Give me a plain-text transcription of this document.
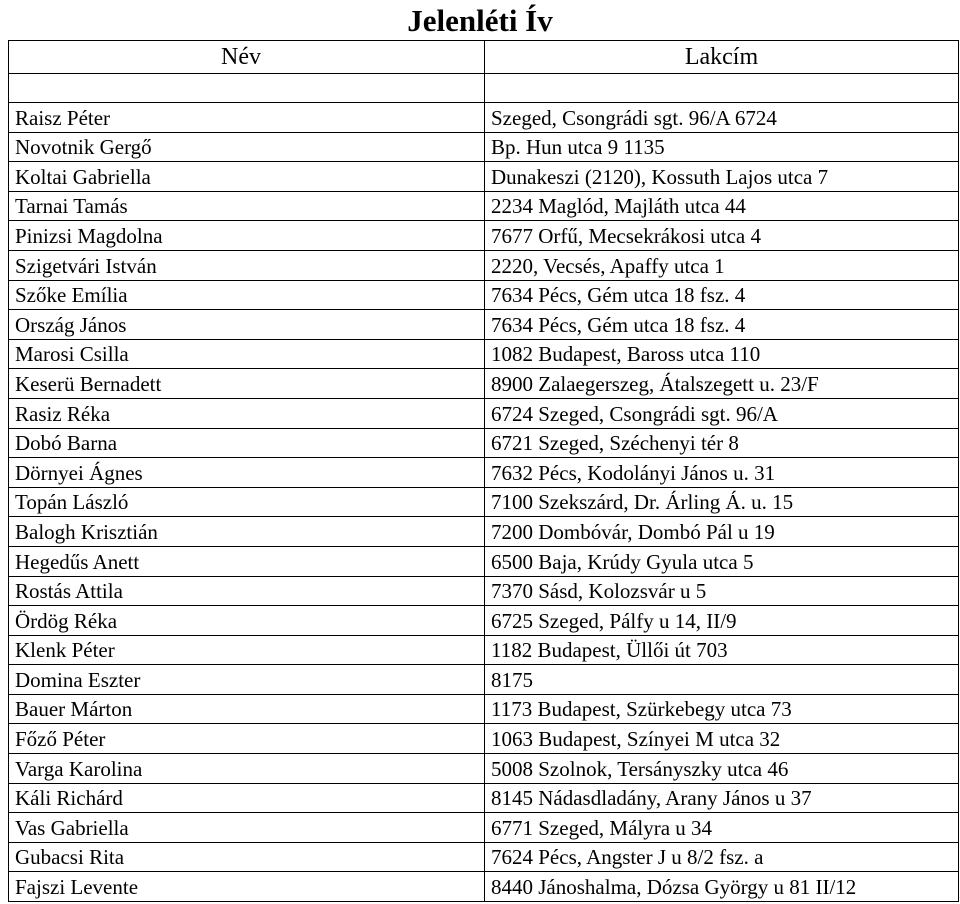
Jelenléti Ív
Név	Lakcím

Raisz Péter	Szeged, Csongrádi sgt. 96/A 6724
Novotnik Gergő	Bp. Hun utca 9 1135
Koltai Gabriella	Dunakeszi (2120), Kossuth Lajos utca 7
Tarnai Tamás	2234 Maglód, Majláth utca 44
Pinizsi Magdolna	7677 Orfű, Mecsekrákosi utca 4
Szigetvári István	2220, Vecsés, Apaffy utca 1
Szőke Emília	7634 Pécs, Gém utca 18 fsz. 4
Ország János	7634 Pécs, Gém utca 18 fsz. 4
Marosi Csilla	1082 Budapest, Baross utca 110
Keserü Bernadett	8900 Zalaegerszeg, Átalszegett u. 23/F
Rasiz Réka	6724 Szeged, Csongrádi sgt. 96/A
Dobó Barna	6721 Szeged, Széchenyi tér 8
Dörnyei Ágnes	7632 Pécs, Kodolányi János u. 31
Topán László	7100 Szekszárd, Dr. Árling Á. u. 15
Balogh Krisztián	7200 Dombóvár, Dombó Pál u 19
Hegedűs Anett	6500 Baja, Krúdy Gyula utca 5
Rostás Attila	7370 Sásd, Kolozsvár u 5
Ördög Réka	6725 Szeged, Pálfy u 14, II/9
Klenk Péter	1182 Budapest, Üllői út 703
Domina Eszter	8175
Bauer Márton	1173 Budapest, Szürkebegy utca 73
Főző Péter	1063 Budapest, Színyei M utca 32
Varga Karolina	5008 Szolnok, Tersányszky utca 46
Káli Richárd	8145 Nádasdladány, Arany János u 37
Vas Gabriella	6771 Szeged, Mályra u 34
Gubacsi Rita	7624 Pécs, Angster J u 8/2 fsz. a
Fajszi Levente	8440 Jánoshalma, Dózsa György u 81 II/12
